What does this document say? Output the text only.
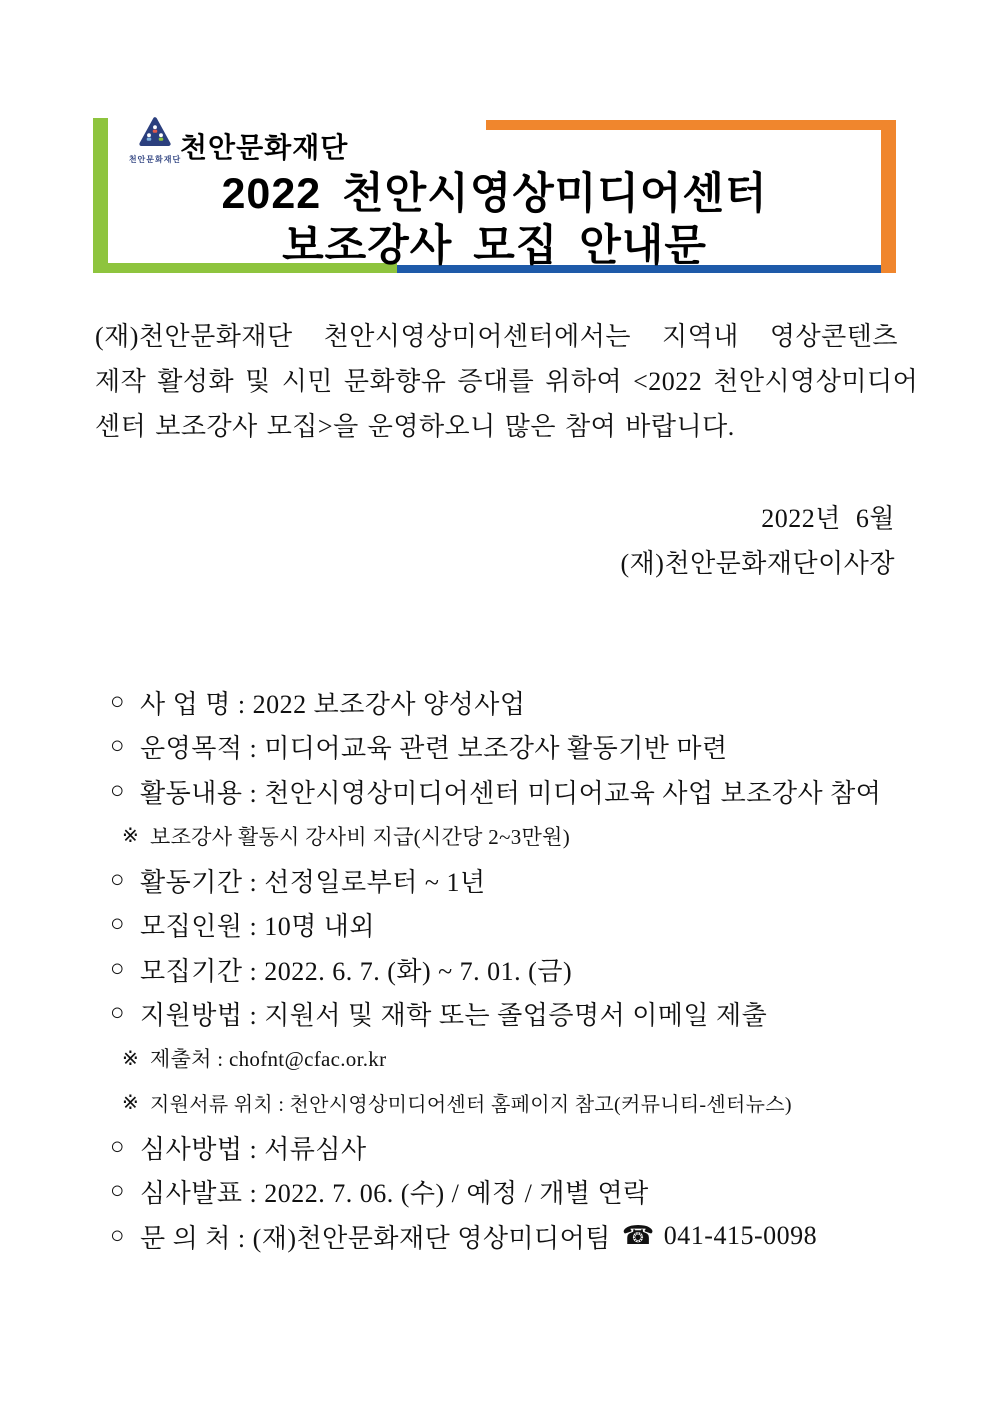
천안문화재단
천안문화재단
2022 천안시영상미디어센터
보조강사 모집 안내문
(재)천안문화재단 천안시영상미어센터에서는 지역내 영상콘텐츠
제작 활성화 및 시민 문화향유 증대를 위하여 <2022 천안시영상미디어
센터 보조강사 모집>을 운영하오니 많은 참여 바랍니다.
2022년 6월
(재)천안문화재단이사장
○ 사 업 명 : 2022 보조강사 양성사업
○ 운영목적 : 미디어교육 관련 보조강사 활동기반 마련
○ 활동내용 : 천안시영상미디어센터 미디어교육 사업 보조강사 참여
※ 보조강사 활동시 강사비 지급(시간당 2~3만원)
○ 활동기간 : 선정일로부터 ~ 1년
○ 모집인원 : 10명 내외
○ 모집기간 : 2022. 6. 7. (화) ~ 7. 01. (금)
○ 지원방법 : 지원서 및 재학 또는 졸업증명서 이메일 제출
※ 제출처 : chofnt@cfac.or.kr
※ 지원서류 위치 : 천안시영상미디어센터 홈페이지 참고(커뮤니티-센터뉴스)
○ 심사방법 : 서류심사
○ 심사발표 : 2022. 7. 06. (수) / 예정 / 개별 연락
○ 문 의 처 : (재)천안문화재단 영상미디어팀 ☎ 041-415-0098
